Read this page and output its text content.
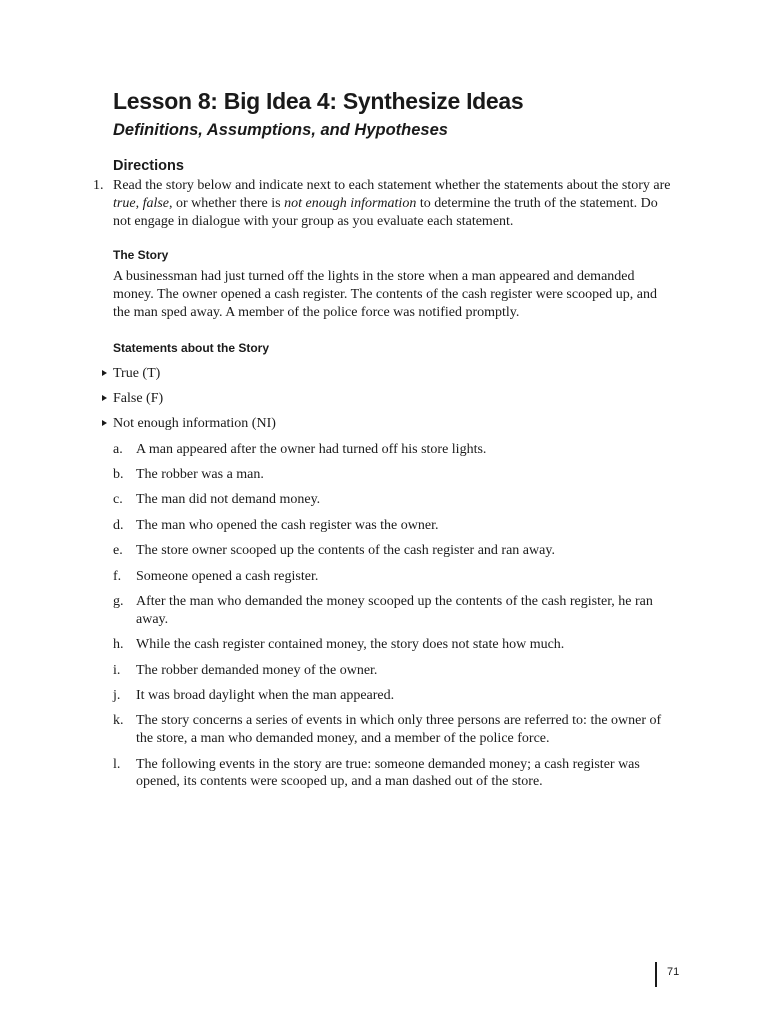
Lesson 8: Big Idea 4: Synthesize Ideas
Definitions, Assumptions, and Hypotheses
Directions
1. Read the story below and indicate next to each statement whether the statements about the story are true, false, or whether there is not enough information to determine the truth of the statement. Do not engage in dialogue with your group as you evaluate each statement.
The Story
A businessman had just turned off the lights in the store when a man appeared and demanded money. The owner opened a cash register. The contents of the cash register were scooped up, and the man sped away. A member of the police force was notified promptly.
Statements about the Story
True (T)
False (F)
Not enough information (NI)
a. A man appeared after the owner had turned off his store lights.
b. The robber was a man.
c. The man did not demand money.
d. The man who opened the cash register was the owner.
e. The store owner scooped up the contents of the cash register and ran away.
f. Someone opened a cash register.
g. After the man who demanded the money scooped up the contents of the cash register, he ran away.
h. While the cash register contained money, the story does not state how much.
i. The robber demanded money of the owner.
j. It was broad daylight when the man appeared.
k. The story concerns a series of events in which only three persons are referred to: the owner of the store, a man who demanded money, and a member of the police force.
l. The following events in the story are true: someone demanded money; a cash register was opened, its contents were scooped up, and a man dashed out of the store.
71
